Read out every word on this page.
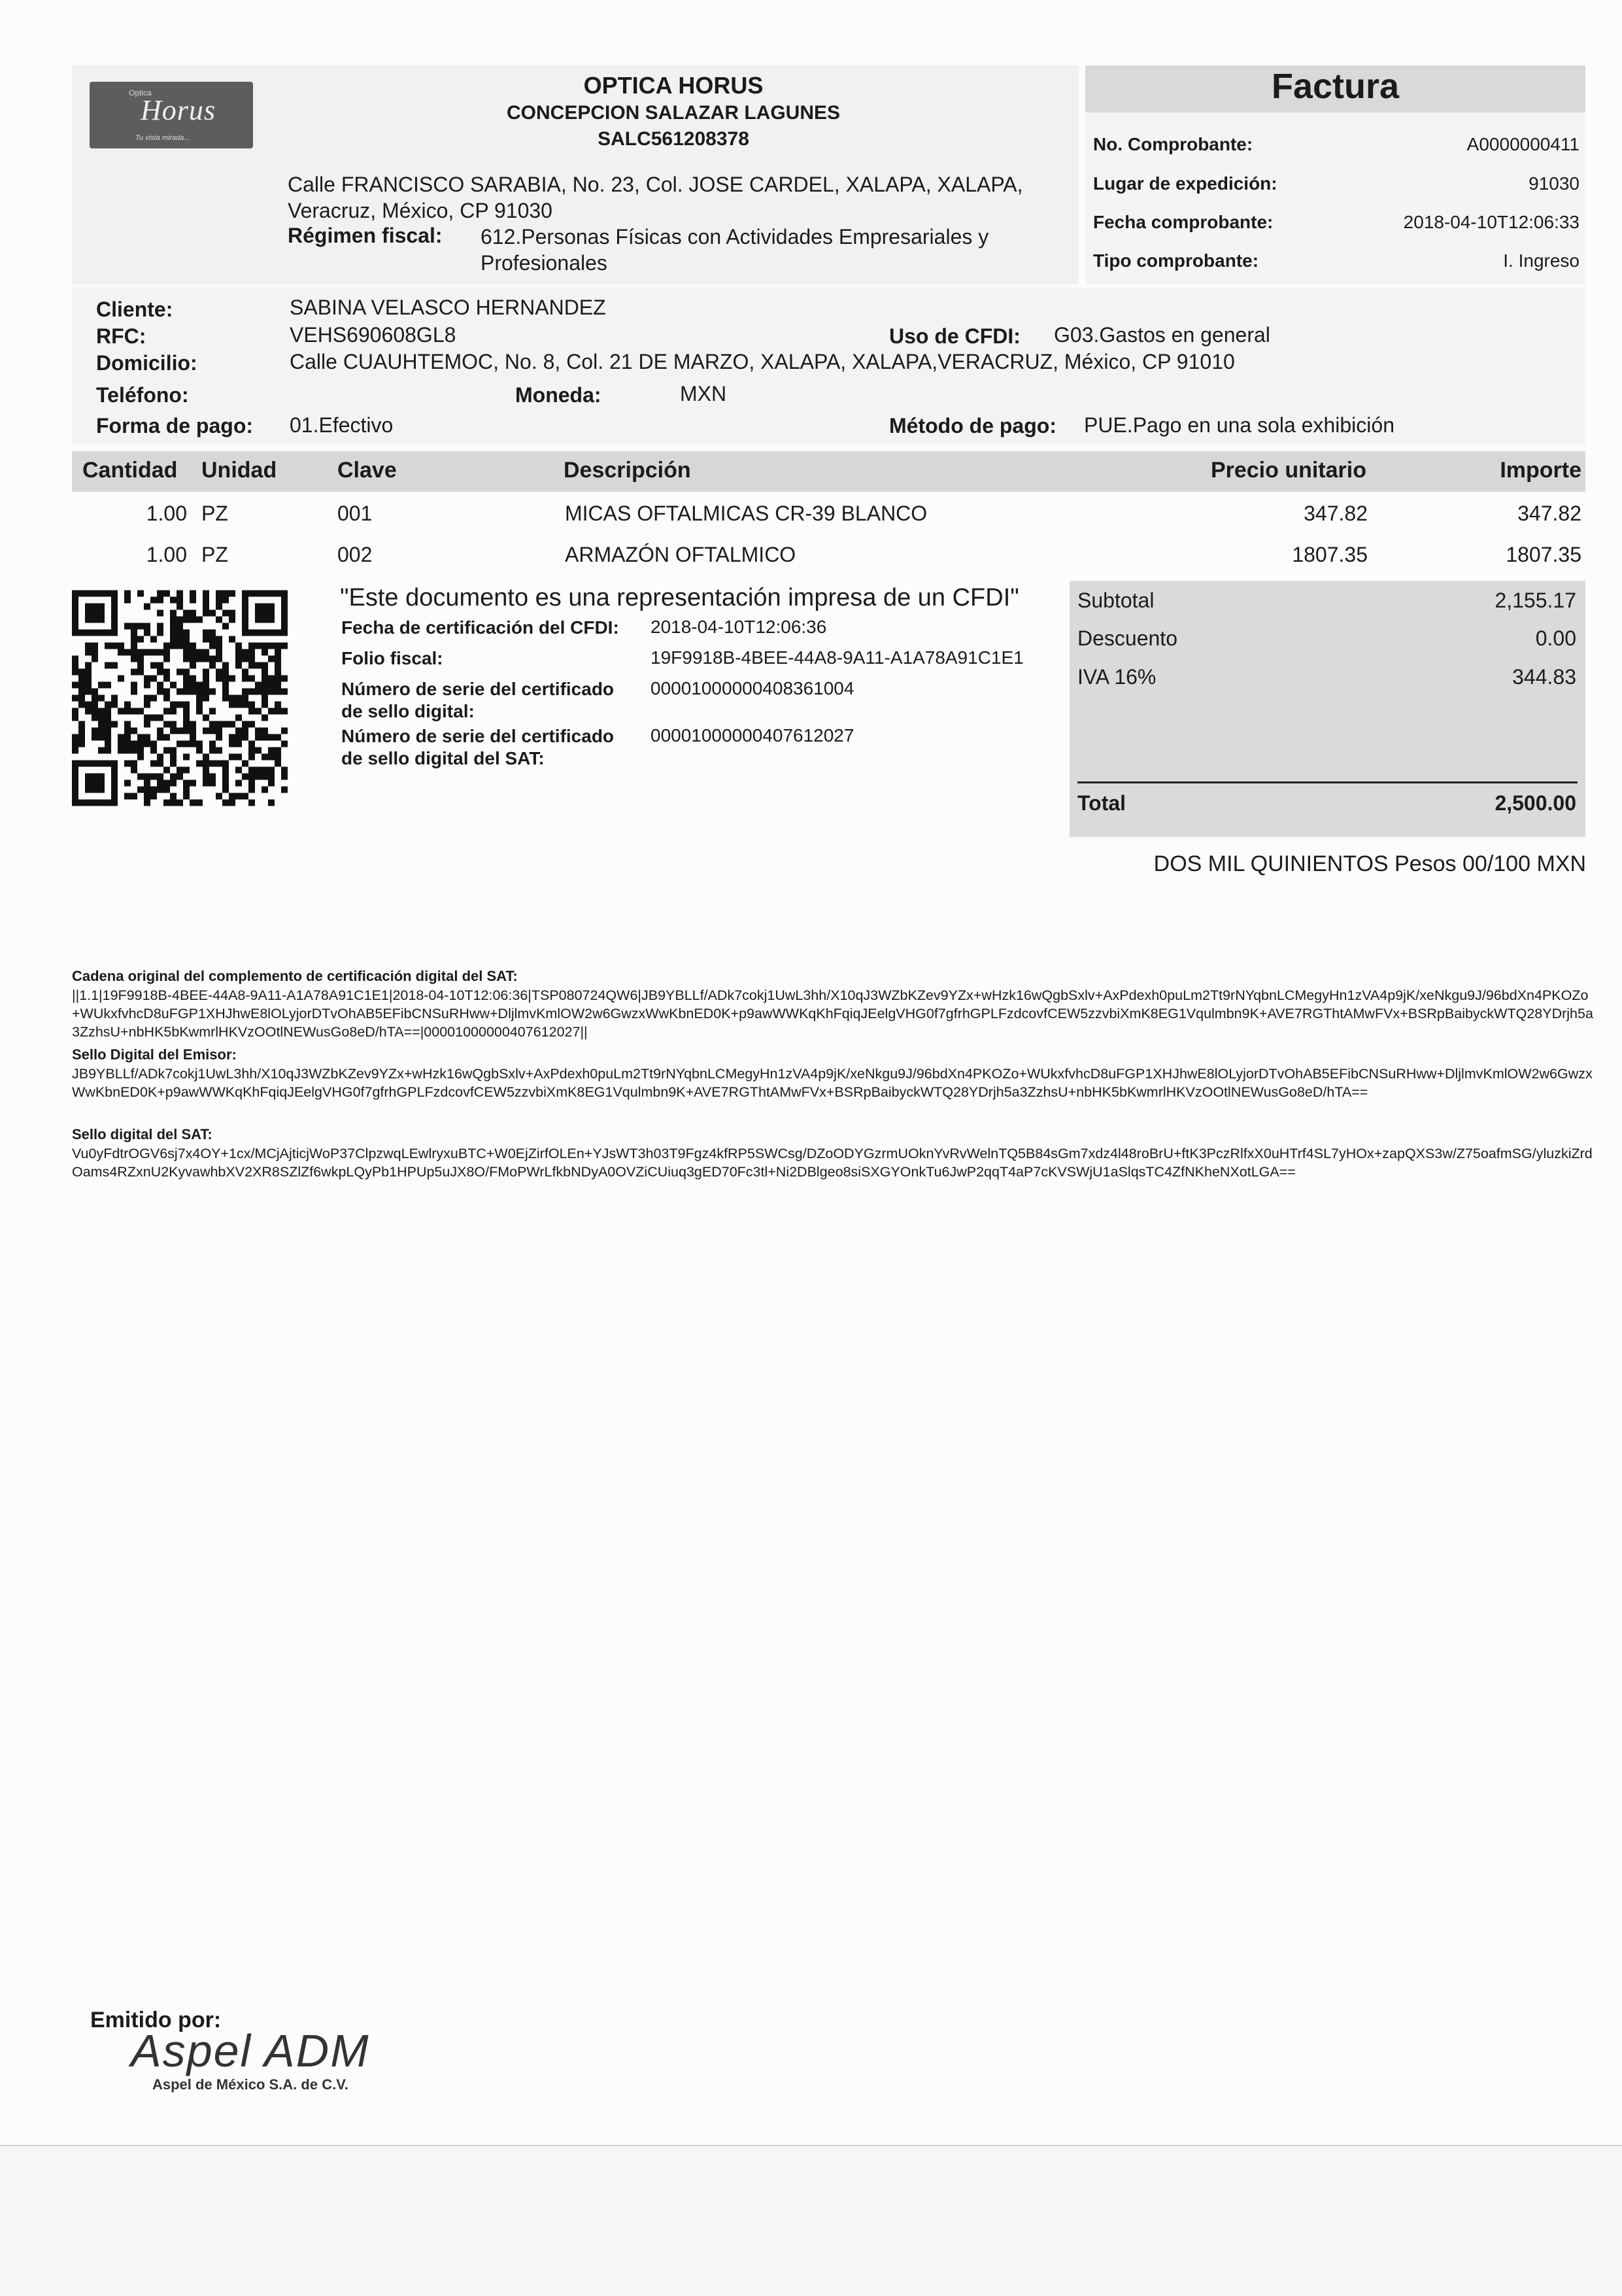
Optica
Horus
Tu vista mirada...
OPTICA HORUS
CONCEPCION SALAZAR LAGUNES
SALC561208378
Calle FRANCISCO SARABIA, No. 23, Col. JOSE CARDEL, XALAPA, XALAPA, Veracruz, México, CP 91030
Régimen fiscal: 612.Personas Físicas con Actividades Empresariales y Profesionales
Factura
No. Comprobante:	A0000000411
Lugar de expedición:	91030
Fecha comprobante:	2018-04-10T12:06:33
Tipo comprobante:	I. Ingreso
Cliente:	SABINA VELASCO HERNANDEZ
RFC:	VEHS690608GL8	Uso de CFDI: G03.Gastos en general
Domicilio:	Calle CUAUHTEMOC, No. 8, Col. 21 DE MARZO, XALAPA, XALAPA,VERACRUZ, México, CP 91010
Teléfono:	Moneda:	MXN
Forma de pago: 01.Efectivo	Método de pago: PUE.Pago en una sola exhibición
Cantidad Unidad	Clave	Descripción	Precio unitario	Importe
1.00 PZ	001	MICAS OFTALMICAS CR-39 BLANCO	347.82	347.82
1.00 PZ	002	ARMAZÓN OFTALMICO	1807.35	1807.35
"Este documento es una representación impresa de un CFDI"
Fecha de certificación del CFDI: 2018-04-10T12:06:36
Folio fiscal:	19F9918B-4BEE-44A8-9A11-A1A78A91C1E1
Número de serie del certificado
de sello digital:
00001000000408361004
Número de serie del certificado
de sello digital del SAT:
00001000000407612027
Subtotal	2,155.17
Descuento	0.00
IVA 16%	344.83
Total	2,500.00
DOS MIL QUINIENTOS Pesos 00/100 MXN
Cadena original del complemento de certificación digital del SAT:
||1.1|19F9918B-4BEE-44A8-9A11-A1A78A91C1E1|2018-04-10T12:06:36|TSP080724QW6|JB9YBLLf/ADk7cokj1UwL3hh/X10qJ3WZbKZev9YZx+wHzk16wQgbSxlv+AxPdexh0puLm2Tt9rNYqbnLCMegyHn1zVA4p9jK/xeNkgu9J/96bdXn4PKOZo+WUkxfvhcD8uFGP1XHJhwE8lOLyjorDTvOhAB5EFibCNSuRHww+DljlmvKmlOW2w6GwzxWwKbnED0K+p9awWWKqKhFqiqJEelgVHG0f7gfrhGPLFzdcovfCEW5zzvbiXmK8EG1Vqulmbn9K+AVE7RGThtAMwFVx+BSRpBaibyckWTQ28YDrjh5a3ZzhsU+nbHK5bKwmrlHKVzOOtlNEWusGo8eD/hTA==|00001000000407612027||
Sello Digital del Emisor:
JB9YBLLf/ADk7cokj1UwL3hh/X10qJ3WZbKZev9YZx+wHzk16wQgbSxlv+AxPdexh0puLm2Tt9rNYqbnLCMegyHn1zVA4p9jK/xeNkgu9J/96bdXn4PKOZo+WUkxfvhcD8uFGP1XHJhwE8lOLyjorDTvOhAB5EFibCNSuRHww+DljlmvKmlOW2w6GwzxWwKbnED0K+p9awWWKqKhFqiqJEelgVHG0f7gfrhGPLFzdcovfCEW5zzvbiXmK8EG1Vqulmbn9K+AVE7RGThtAMwFVx+BSRpBaibyckWTQ28YDrjh5a3ZzhsU+nbHK5bKwmrlHKVzOOtlNEWusGo8eD/hTA==
Sello digital del SAT:
Vu0yFdtrOGV6sj7x4OY+1cx/MCjAjticjWoP37ClpzwqLEwlryxuBTC+W0EjZirfOLEn+YJsWT3h03T9Fgz4kfRP5SWCsg/DZoODYGzrmUOknYvRvWelnTQ5B84sGm7xdz4l48roBrU+ftK3PczRlfxX0uHTrf4SL7yHOx+zapQXS3w/Z75oafmSG/yluzkiZrdOams4RZxnU2KyvawhbXV2XR8SZlZf6wkpLQyPb1HPUp5uJX8O/FMoPWrLfkbNDyA0OVZiCUiuq3gED70Fc3tl+Ni2DBlgeo8siSXGYOnkTu6JwP2qqT4aP7cKVSWjU1aSlqsTC4ZfNKheNXotLGA==
Emitido por:
Aspel ADM
Aspel de México S.A. de C.V.
